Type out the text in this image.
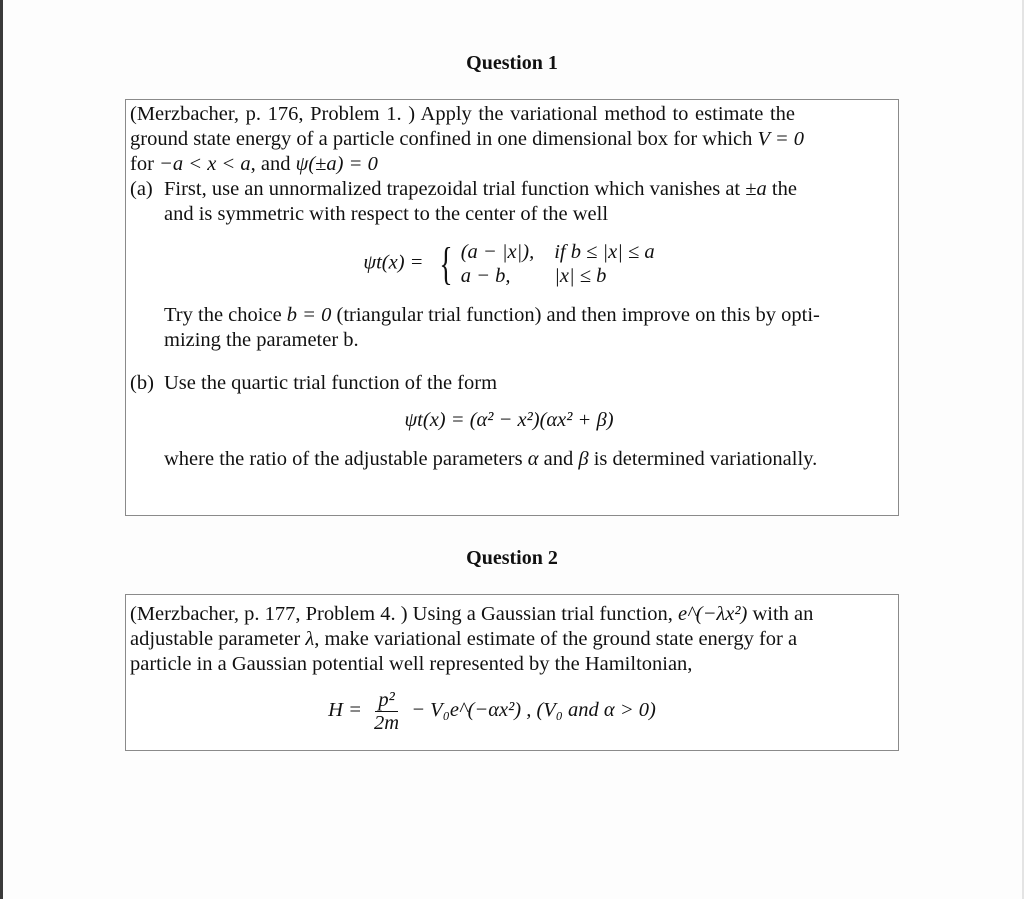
Question 1
(Merzbacher, p. 176, Problem 1. ) Apply the variational method to estimate the
ground state energy of a particle confined in one dimensional box for which V = 0
for −a < x < a, and ψ(±a) = 0
(a) First, use an unnormalized trapezoidal trial function which vanishes at ±a the
and is symmetric with respect to the center of the well
ψt(x) = { (a − |x|), if b ≤ |x| ≤ a
a − b,	|x| ≤ b
Try the choice b = 0 (triangular trial function) and then improve on this by opti-
mizing the parameter b.
(b) Use the quartic trial function of the form
ψt(x) = (α² − x²)(αx² + β)
where the ratio of the adjustable parameters α and β is determined variationally.
Question 2
(Merzbacher, p. 177, Problem 4. ) Using a Gaussian trial function, e^(−λx²) with an
adjustable parameter λ, make variational estimate of the ground state energy for a
particle in a Gaussian potential well represented by the Hamiltonian,
$H = \frac{\text{p²}}{2m}$ − V₀e^(−αx²) , (V₀ and α > 0)
